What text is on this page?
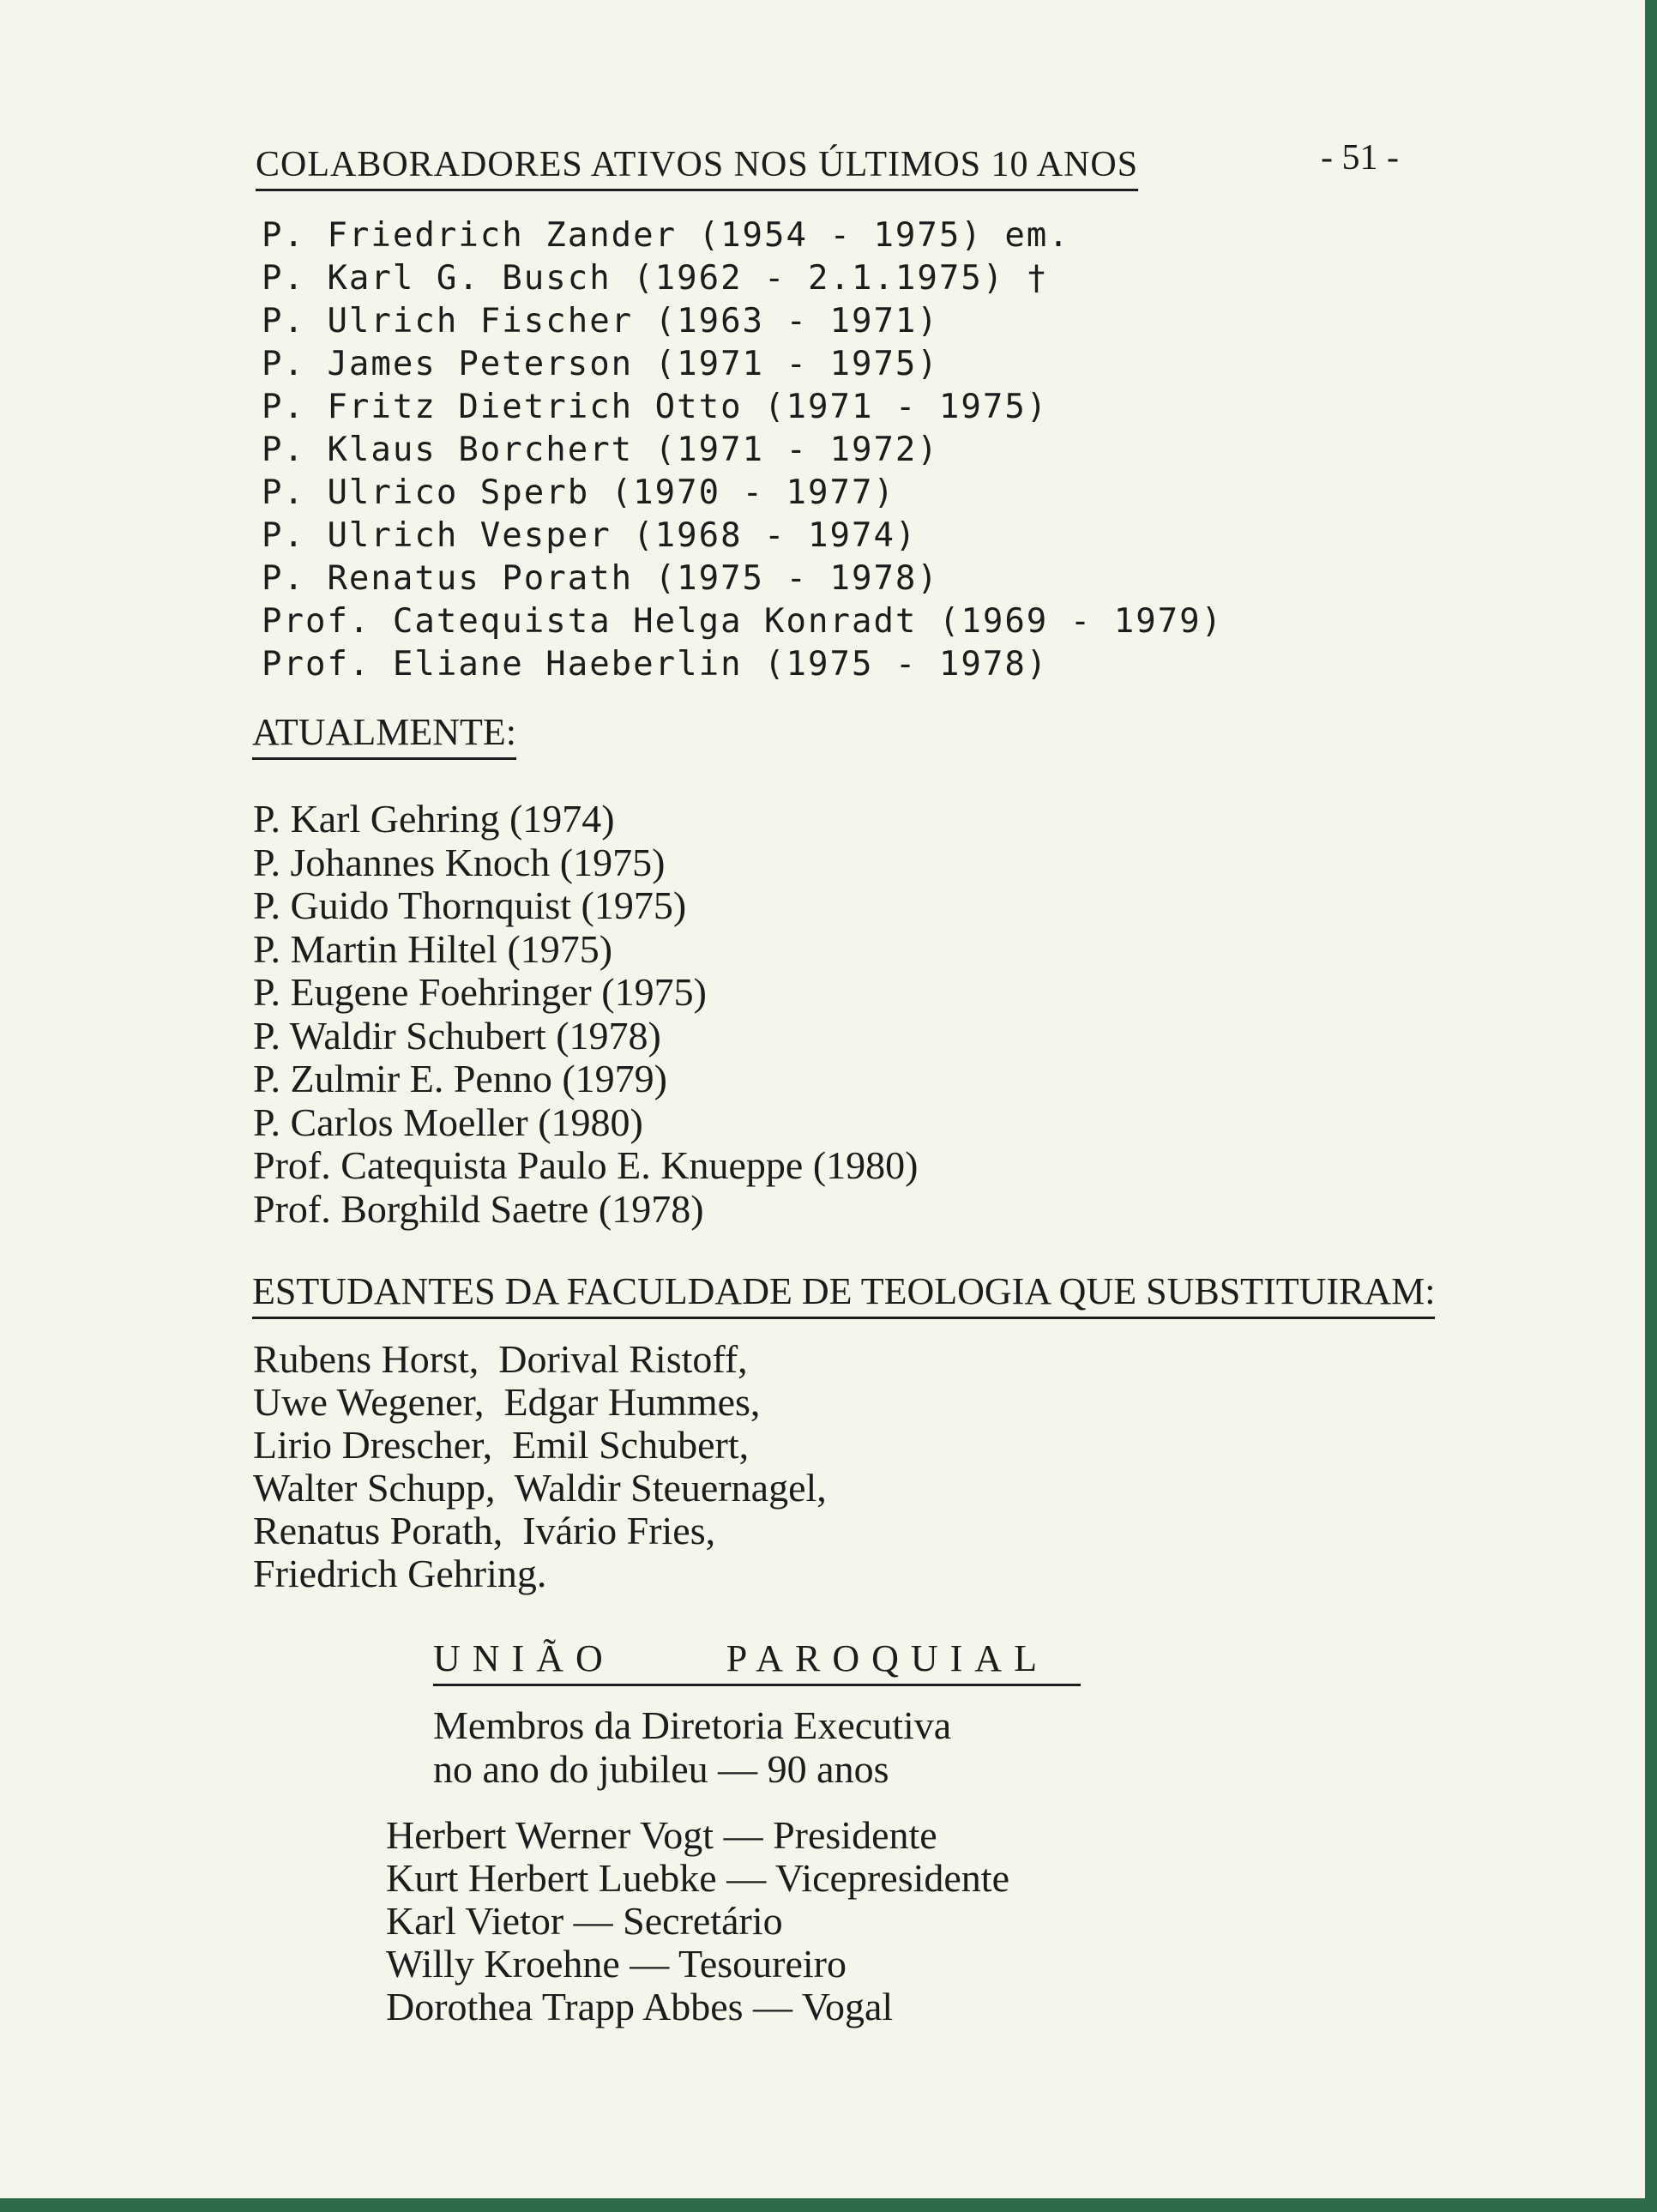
COLABORADORES ATIVOS NOS ÚLTIMOS 10 ANOS	- 51 -
P. Friedrich Zander (1954 - 1975) em.
P. Karl G. Busch (1962 - 2.1.1975) †
P. Ulrich Fischer (1963 - 1971)
P. James Peterson (1971 - 1975)
P. Fritz Dietrich Otto (1971 - 1975)
P. Klaus Borchert (1971 - 1972)
P. Ulrico Sperb (1970 - 1977)
P. Ulrich Vesper (1968 - 1974)
P. Renatus Porath (1975 - 1978)
Prof. Catequista Helga Konradt (1969 - 1979)
Prof. Eliane Haeberlin (1975 - 1978)
ATUALMENTE:
P. Karl Gehring (1974)
P. Johannes Knoch (1975)
P. Guido Thornquist (1975)
P. Martin Hiltel (1975)
P. Eugene Foehringer (1975)
P. Waldir Schubert (1978)
P. Zulmir E. Penno (1979)
P. Carlos Moeller (1980)
Prof. Catequista Paulo E. Knueppe (1980)
Prof. Borghild Saetre (1978)
ESTUDANTES DA FACULDADE DE TEOLOGIA QUE SUBSTITUIRAM:
Rubens Horst,  Dorival Ristoff,
Uwe Wegener,  Edgar Hummes,
Lirio Drescher,  Emil Schubert,
Walter Schupp,  Waldir Steuernagel,
Renatus Porath,  Ivário Fries,
Friedrich Gehring.
UNIÃO	PAROQUIAL
Membros da Diretoria Executiva
no ano do jubileu — 90 anos
Herbert Werner Vogt — Presidente
Kurt Herbert Luebke — Vicepresidente
Karl Vietor — Secretário
Willy Kroehne — Tesoureiro
Dorothea Trapp Abbes — Vogal
